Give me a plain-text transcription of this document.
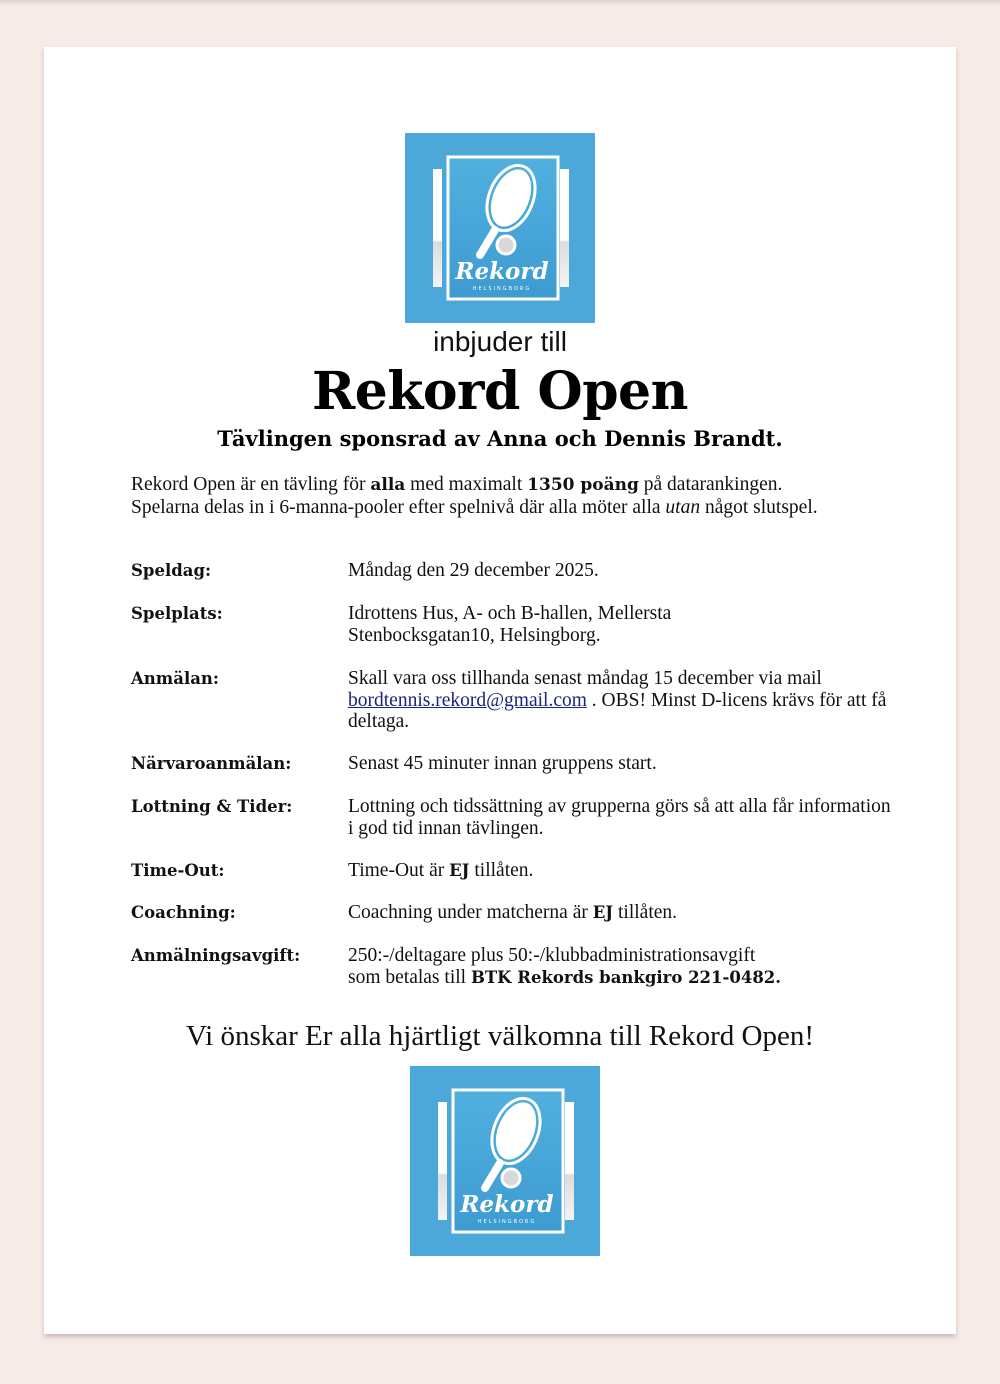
Rekord
HELSINGBORG
inbjuder till
Rekord Open
Tävlingen sponsrad av Anna och Dennis Brandt.
Rekord Open är en tävling för alla med maximalt 1350 poäng på datarankingen.
Spelarna delas in i 6-manna-pooler efter spelnivå där alla möter alla utan något slutspel.
Speldag:	Måndag den 29 december 2025.
Spelplats:	Idrottens Hus, A- och B-hallen, Mellersta
Stenbocksgatan10, Helsingborg.
Anmälan:	Skall vara oss tillhanda senast måndag 15 december via mail bordtennis.rekord@gmail.com . OBS! Minst D-licens krävs för att få deltaga.
Närvaroanmälan:	Senast 45 minuter innan gruppens start.
Lottning & Tider:	Lottning och tidssättning av grupperna görs så att alla får information i god tid innan tävlingen.
Time-Out:	Time-Out är EJ tillåten.
Coachning:	Coachning under matcherna är EJ tillåten.
Anmälningsavgift:	250:-/deltagare plus 50:-/klubbadministrationsavgift
som betalas till BTK Rekords bankgiro 221-0482.
Vi önskar Er alla hjärtligt välkomna till Rekord Open!
Rekord
HELSINGBORG
